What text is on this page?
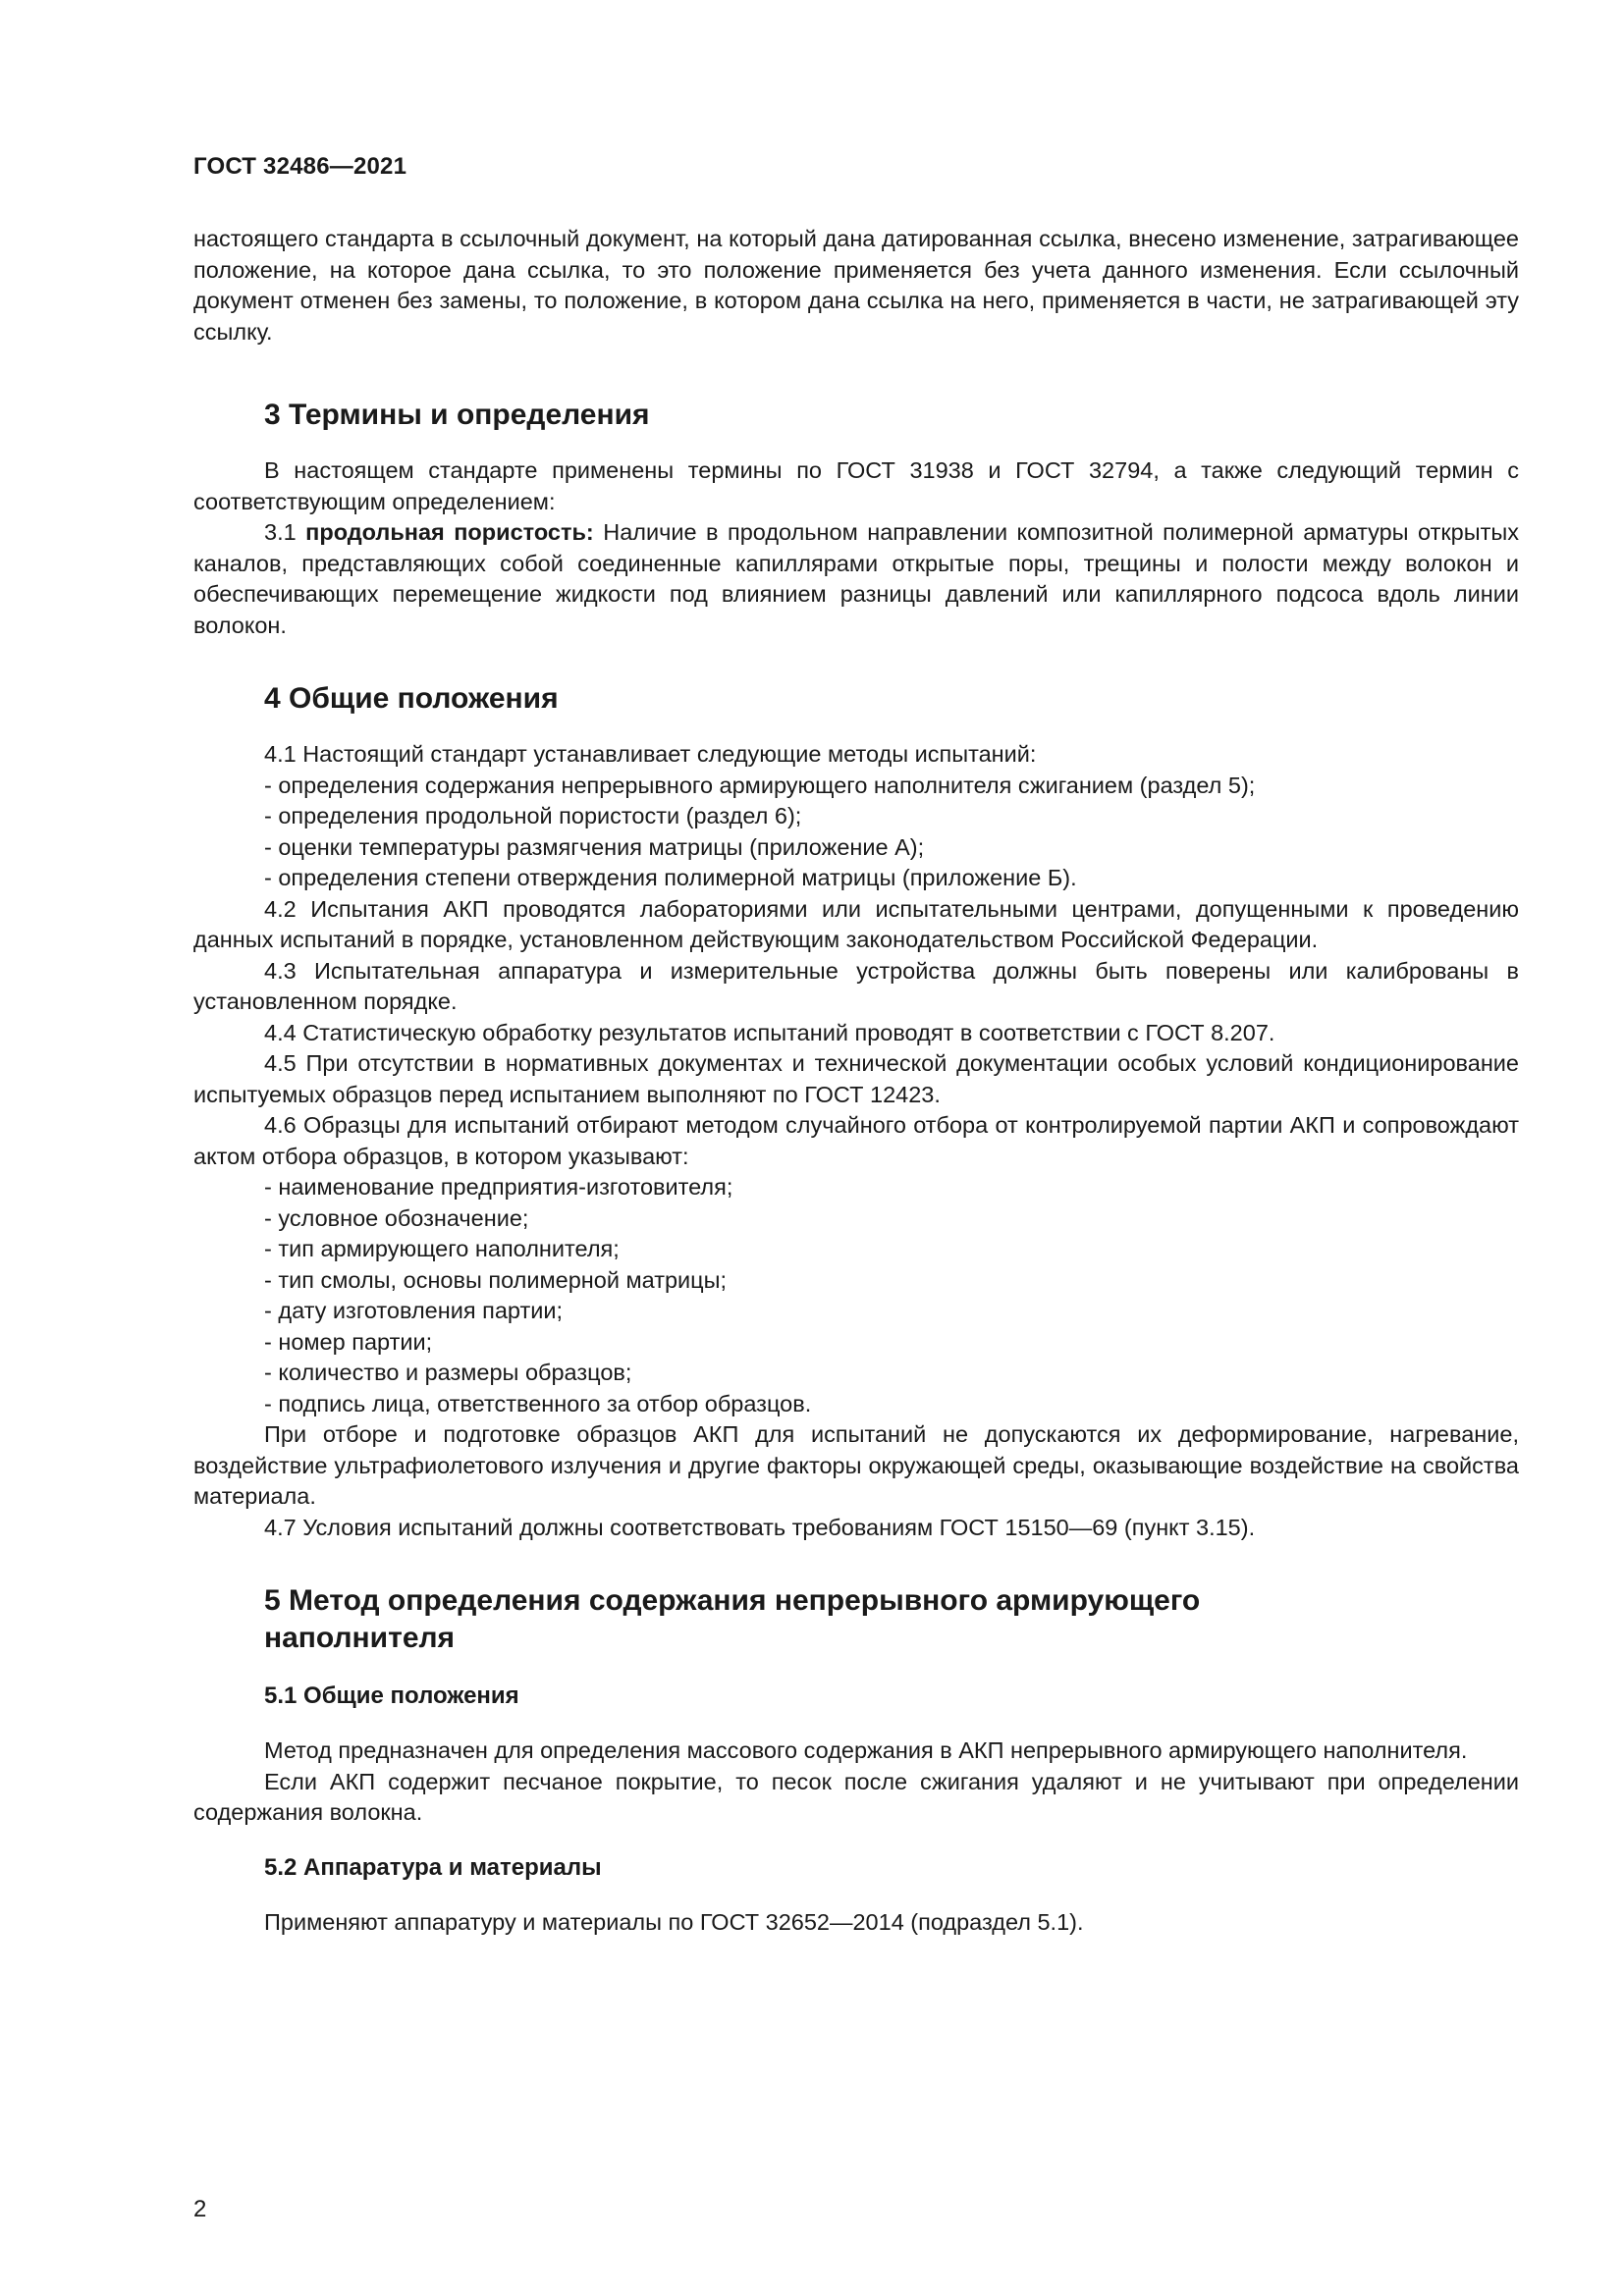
ГОСТ 32486—2021

настоящего стандарта в ссылочный документ, на который дана датированная ссылка, внесено изменение, затрагивающее положение, на которое дана ссылка, то это положение применяется без учета данного изменения. Если ссылочный документ отменен без замены, то положение, в котором дана ссылка на него, применяется в части, не затрагивающей эту ссылку.

3 Термины и определения

В настоящем стандарте применены термины по ГОСТ 31938 и ГОСТ 32794, а также следующий термин с соответствующим определением:

3.1 продольная пористость: Наличие в продольном направлении композитной полимерной арматуры открытых каналов, представляющих собой соединенные капиллярами открытые поры, трещины и полости между волокон и обеспечивающих перемещение жидкости под влиянием разницы давлений или капиллярного подсоса вдоль линии волокон.

4 Общие положения

4.1 Настоящий стандарт устанавливает следующие методы испытаний:

- определения содержания непрерывного армирующего наполнителя сжиганием (раздел 5);

- определения продольной пористости (раздел 6);

- оценки температуры размягчения матрицы (приложение А);

- определения степени отверждения полимерной матрицы (приложение Б).

4.2 Испытания АКП проводятся лабораториями или испытательными центрами, допущенными к проведению данных испытаний в порядке, установленном действующим законодательством Российской Федерации.

4.3 Испытательная аппаратура и измерительные устройства должны быть поверены или калиброваны в установленном порядке.

4.4 Статистическую обработку результатов испытаний проводят в соответствии с ГОСТ 8.207.

4.5 При отсутствии в нормативных документах и технической документации особых условий кондиционирование испытуемых образцов перед испытанием выполняют по ГОСТ 12423.

4.6 Образцы для испытаний отбирают методом случайного отбора от контролируемой партии АКП и сопровождают актом отбора образцов, в котором указывают:

- наименование предприятия-изготовителя;

- условное обозначение;

- тип армирующего наполнителя;

- тип смолы, основы полимерной матрицы;

- дату изготовления партии;

- номер партии;

- количество и размеры образцов;

- подпись лица, ответственного за отбор образцов.

При отборе и подготовке образцов АКП для испытаний не допускаются их деформирование, нагревание, воздействие ультрафиолетового излучения и другие факторы окружающей среды, оказывающие воздействие на свойства материала.

4.7 Условия испытаний должны соответствовать требованиям ГОСТ 15150—69 (пункт 3.15).

5 Метод определения содержания непрерывного армирующего
наполнителя
5.1 Общие положения

Метод предназначен для определения массового содержания в АКП непрерывного армирующего наполнителя.

Если АКП содержит песчаное покрытие, то песок после сжигания удаляют и не учитывают при определении содержания волокна.

5.2 Аппаратура и материалы

Применяют аппаратуру и материалы по ГОСТ 32652—2014 (подраздел 5.1).

2
